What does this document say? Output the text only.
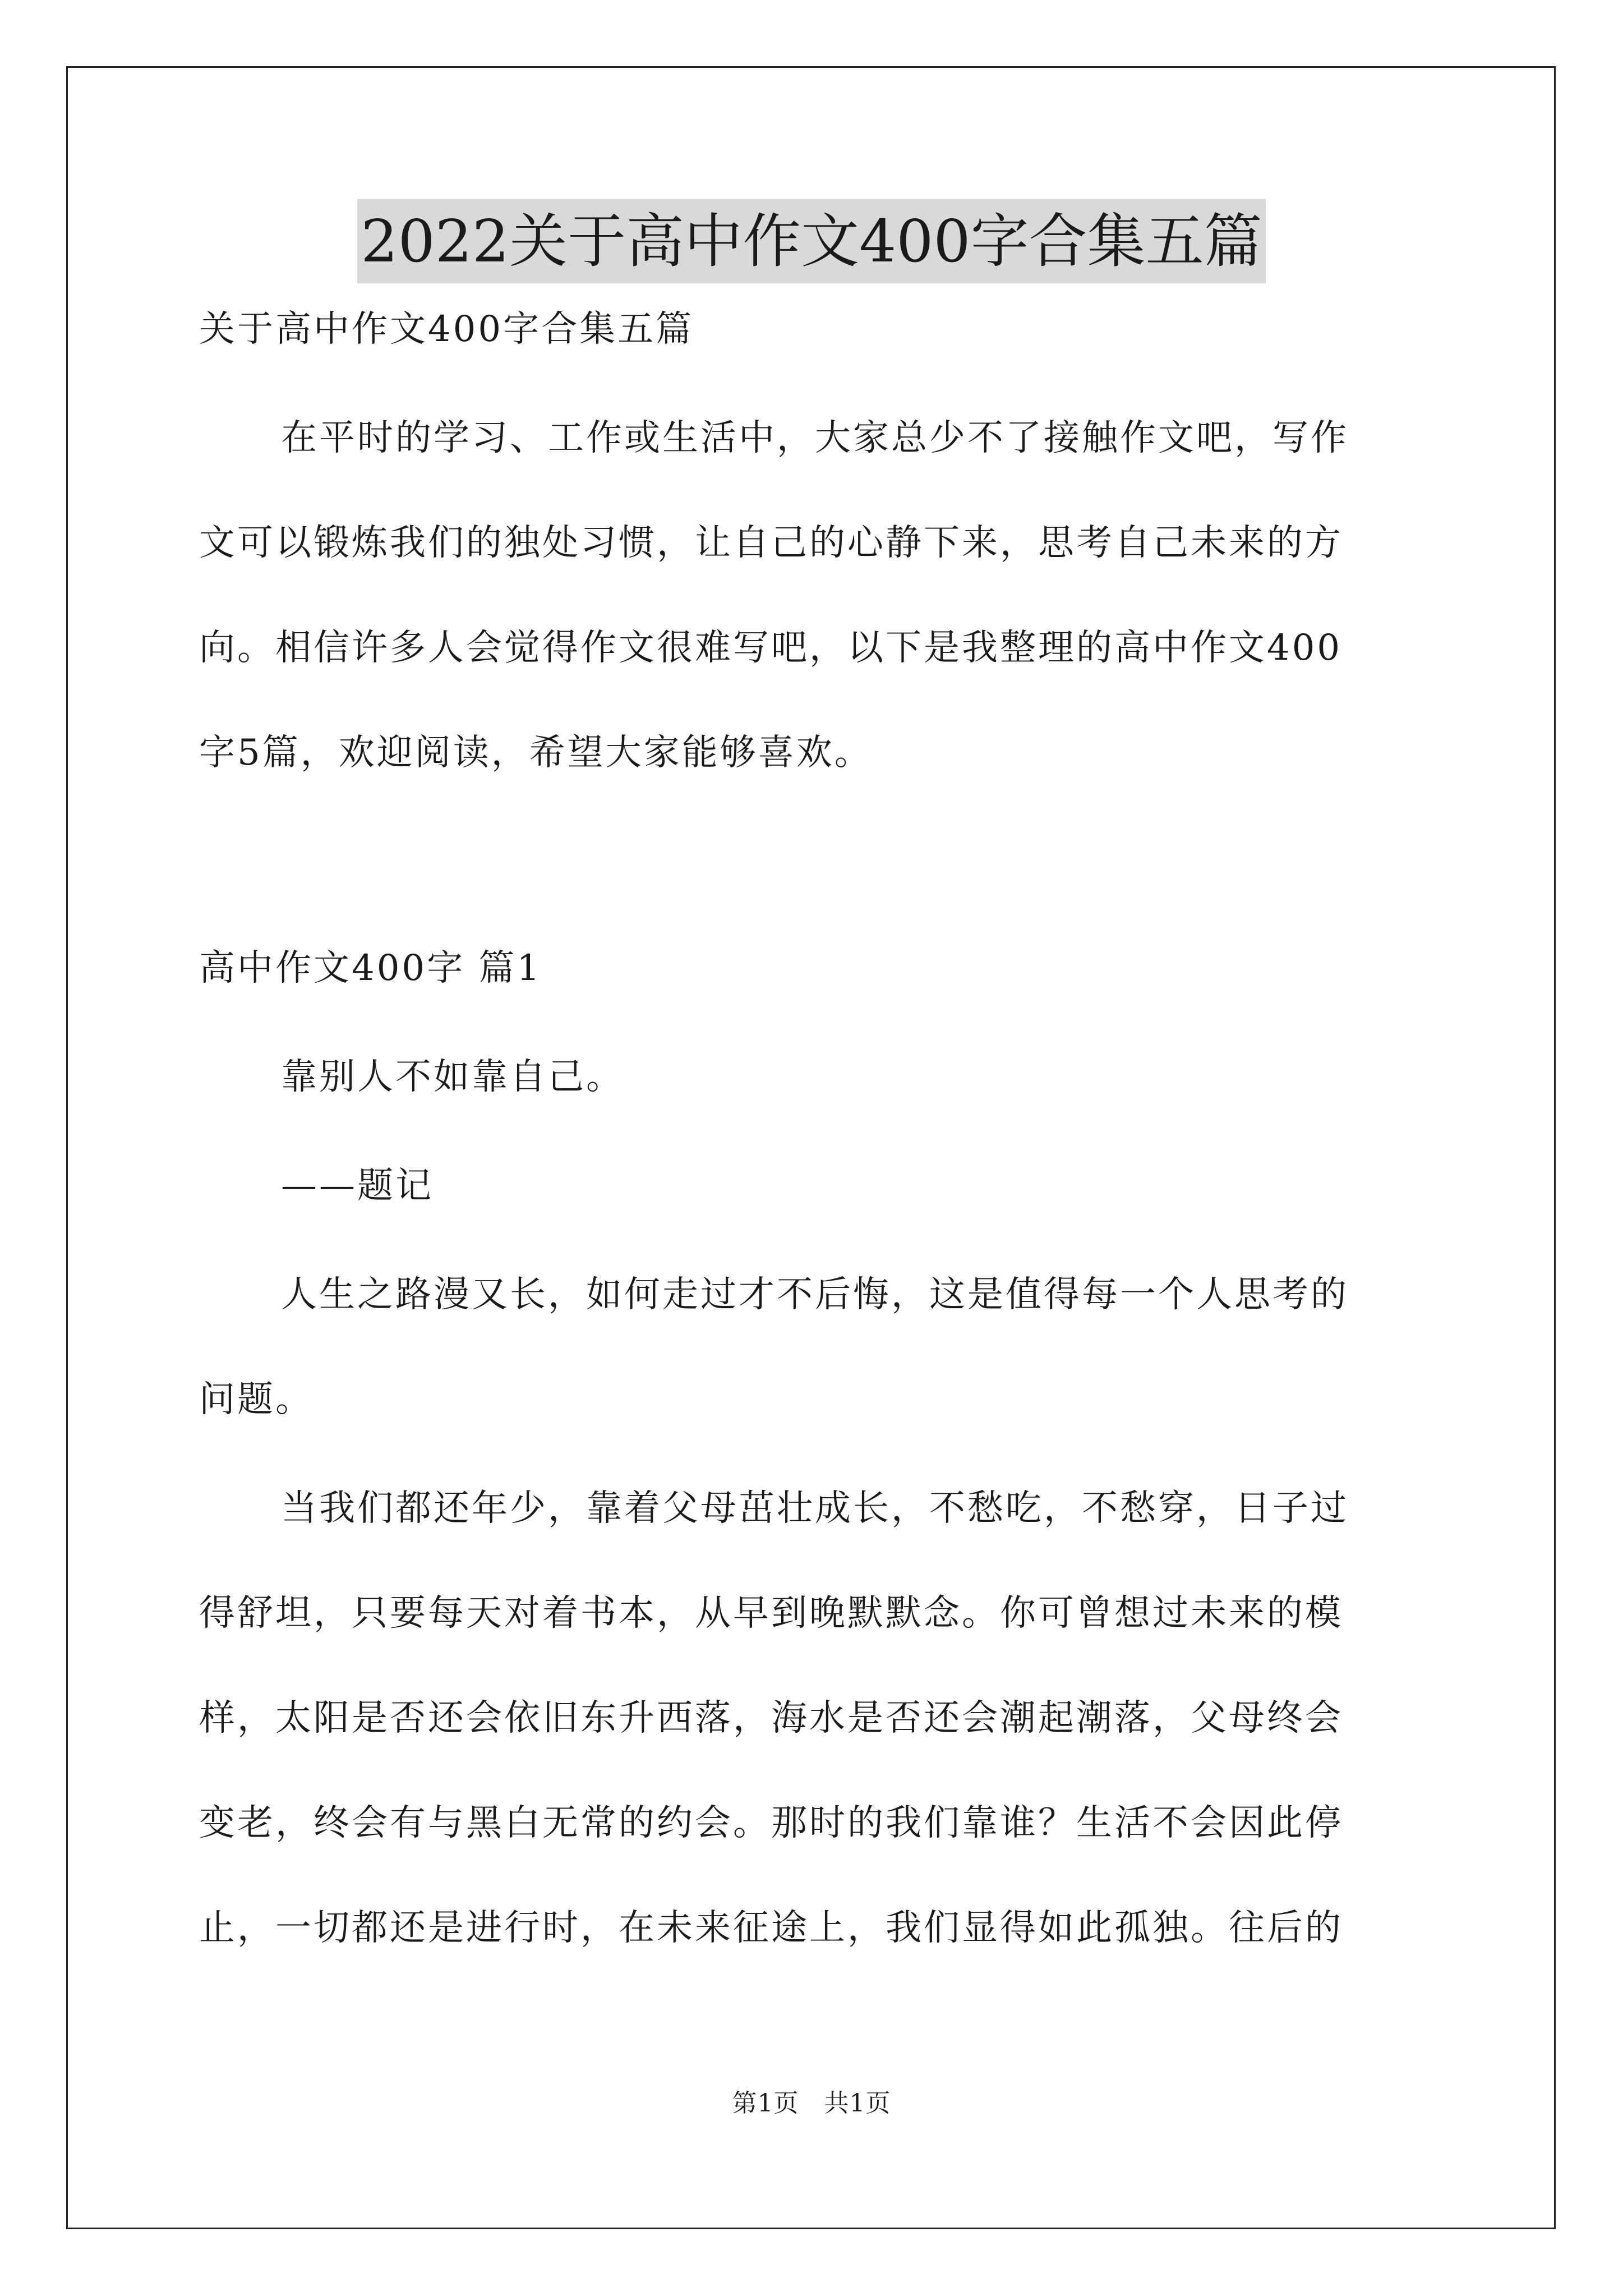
2022关于高中作文400字合集五篇

关于高中作文400字合集五篇

在平时的学习、工作或生活中，大家总少不了接触作文吧，写作

文可以锻炼我们的独处习惯，让自己的心静下来，思考自己未来的方

向。相信许多人会觉得作文很难写吧，以下是我整理的高中作文400

字5篇，欢迎阅读，希望大家能够喜欢。

高中作文400字 篇1

靠别人不如靠自己。

——题记

人生之路漫又长，如何走过才不后悔，这是值得每一个人思考的

问题。

当我们都还年少，靠着父母茁壮成长，不愁吃，不愁穿，日子过

得舒坦，只要每天对着书本，从早到晚默默念。你可曾想过未来的模

样，太阳是否还会依旧东升西落，海水是否还会潮起潮落，父母终会

变老，终会有与黑白无常的约会。那时的我们靠谁？生活不会因此停

止，一切都还是进行时，在未来征途上，我们显得如此孤独。往后的

第1页   共1页
